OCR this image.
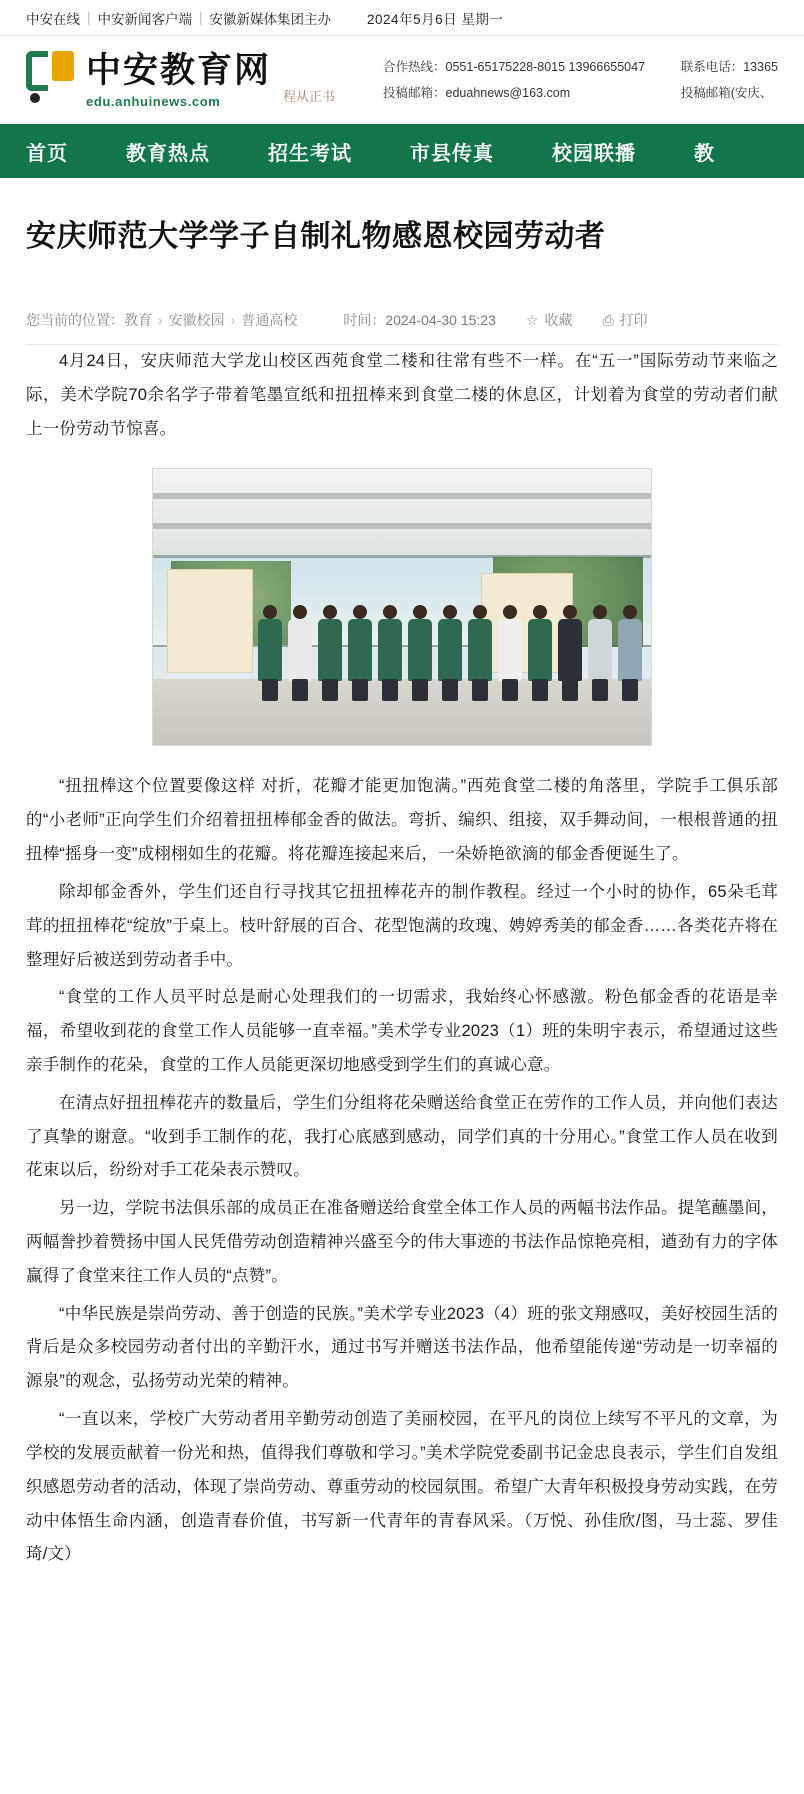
中安在线 | 中安新闻客户端 | 安徽新媒体集团主办	2024年5月6日 星期一
中安教育网
edu.anhuinews.com	程从正书
合作热线：0551-65175228-8015 13966655047
投稿邮箱：eduahnews@163.com
联系电话：13365
投稿邮箱(安庆、
首页	教育热点	招生考试	市县传真	校园联播	教
安庆师范大学学子自制礼物感恩校园劳动者
您当前的位置： 教育 › 安徽校园 › 普通高校	时间： 2024-04-30 15:23 ☆ 收藏 ⎙ 打印

4月24日，安庆师范大学龙山校区西苑食堂二楼和往常有些不一样。在“五一”国际劳动节来临之际，美术学院70余名学子带着笔墨宣纸和扭扭棒来到食堂二楼的休息区，计划着为食堂的劳动者们献上一份劳动节惊喜。

“扭扭棒这个位置要像这样 对折，花瓣才能更加饱满。”西苑食堂二楼的角落里，学院手工俱乐部的“小老师”正向学生们介绍着扭扭棒郁金香的做法。弯折、编织、组接，双手舞动间，一根根普通的扭扭棒“摇身一变”成栩栩如生的花瓣。将花瓣连接起来后，一朵娇艳欲滴的郁金香便诞生了。

除却郁金香外，学生们还自行寻找其它扭扭棒花卉的制作教程。经过一个小时的协作，65朵毛茸茸的扭扭棒花“绽放”于桌上。枝叶舒展的百合、花型饱满的玫瑰、娉婷秀美的郁金香……各类花卉将在整理好后被送到劳动者手中。

“食堂的工作人员平时总是耐心处理我们的一切需求，我始终心怀感激。粉色郁金香的花语是幸福，希望收到花的食堂工作人员能够一直幸福。”美术学专业2023（1）班的朱明宇表示，希望通过这些亲手制作的花朵，食堂的工作人员能更深切地感受到学生们的真诚心意。

在清点好扭扭棒花卉的数量后，学生们分组将花朵赠送给食堂正在劳作的工作人员，并向他们表达了真挚的谢意。“收到手工制作的花，我打心底感到感动，同学们真的十分用心。”食堂工作人员在收到花束以后，纷纷对手工花朵表示赞叹。

另一边，学院书法俱乐部的成员正在准备赠送给食堂全体工作人员的两幅书法作品。提笔蘸墨间，两幅誊抄着赞扬中国人民凭借劳动创造精神兴盛至今的伟大事迹的书法作品惊艳亮相，遒劲有力的字体赢得了食堂来往工作人员的“点赞”。

“中华民族是崇尚劳动、善于创造的民族。”美术学专业2023（4）班的张文翔感叹，美好校园生活的背后是众多校园劳动者付出的辛勤汗水，通过书写并赠送书法作品，他希望能传递“劳动是一切幸福的源泉”的观念，弘扬劳动光荣的精神。

“一直以来，学校广大劳动者用辛勤劳动创造了美丽校园，在平凡的岗位上续写不平凡的文章，为学校的发展贡献着一份光和热，值得我们尊敬和学习。”美术学院党委副书记金忠良表示，学生们自发组织感恩劳动者的活动，体现了崇尚劳动、尊重劳动的校园氛围。希望广大青年积极投身劳动实践，在劳动中体悟生命内涵，创造青春价值，书写新一代青年的青春风采。（万悦、孙佳欣/图，马士蕊、罗佳琦/文）
